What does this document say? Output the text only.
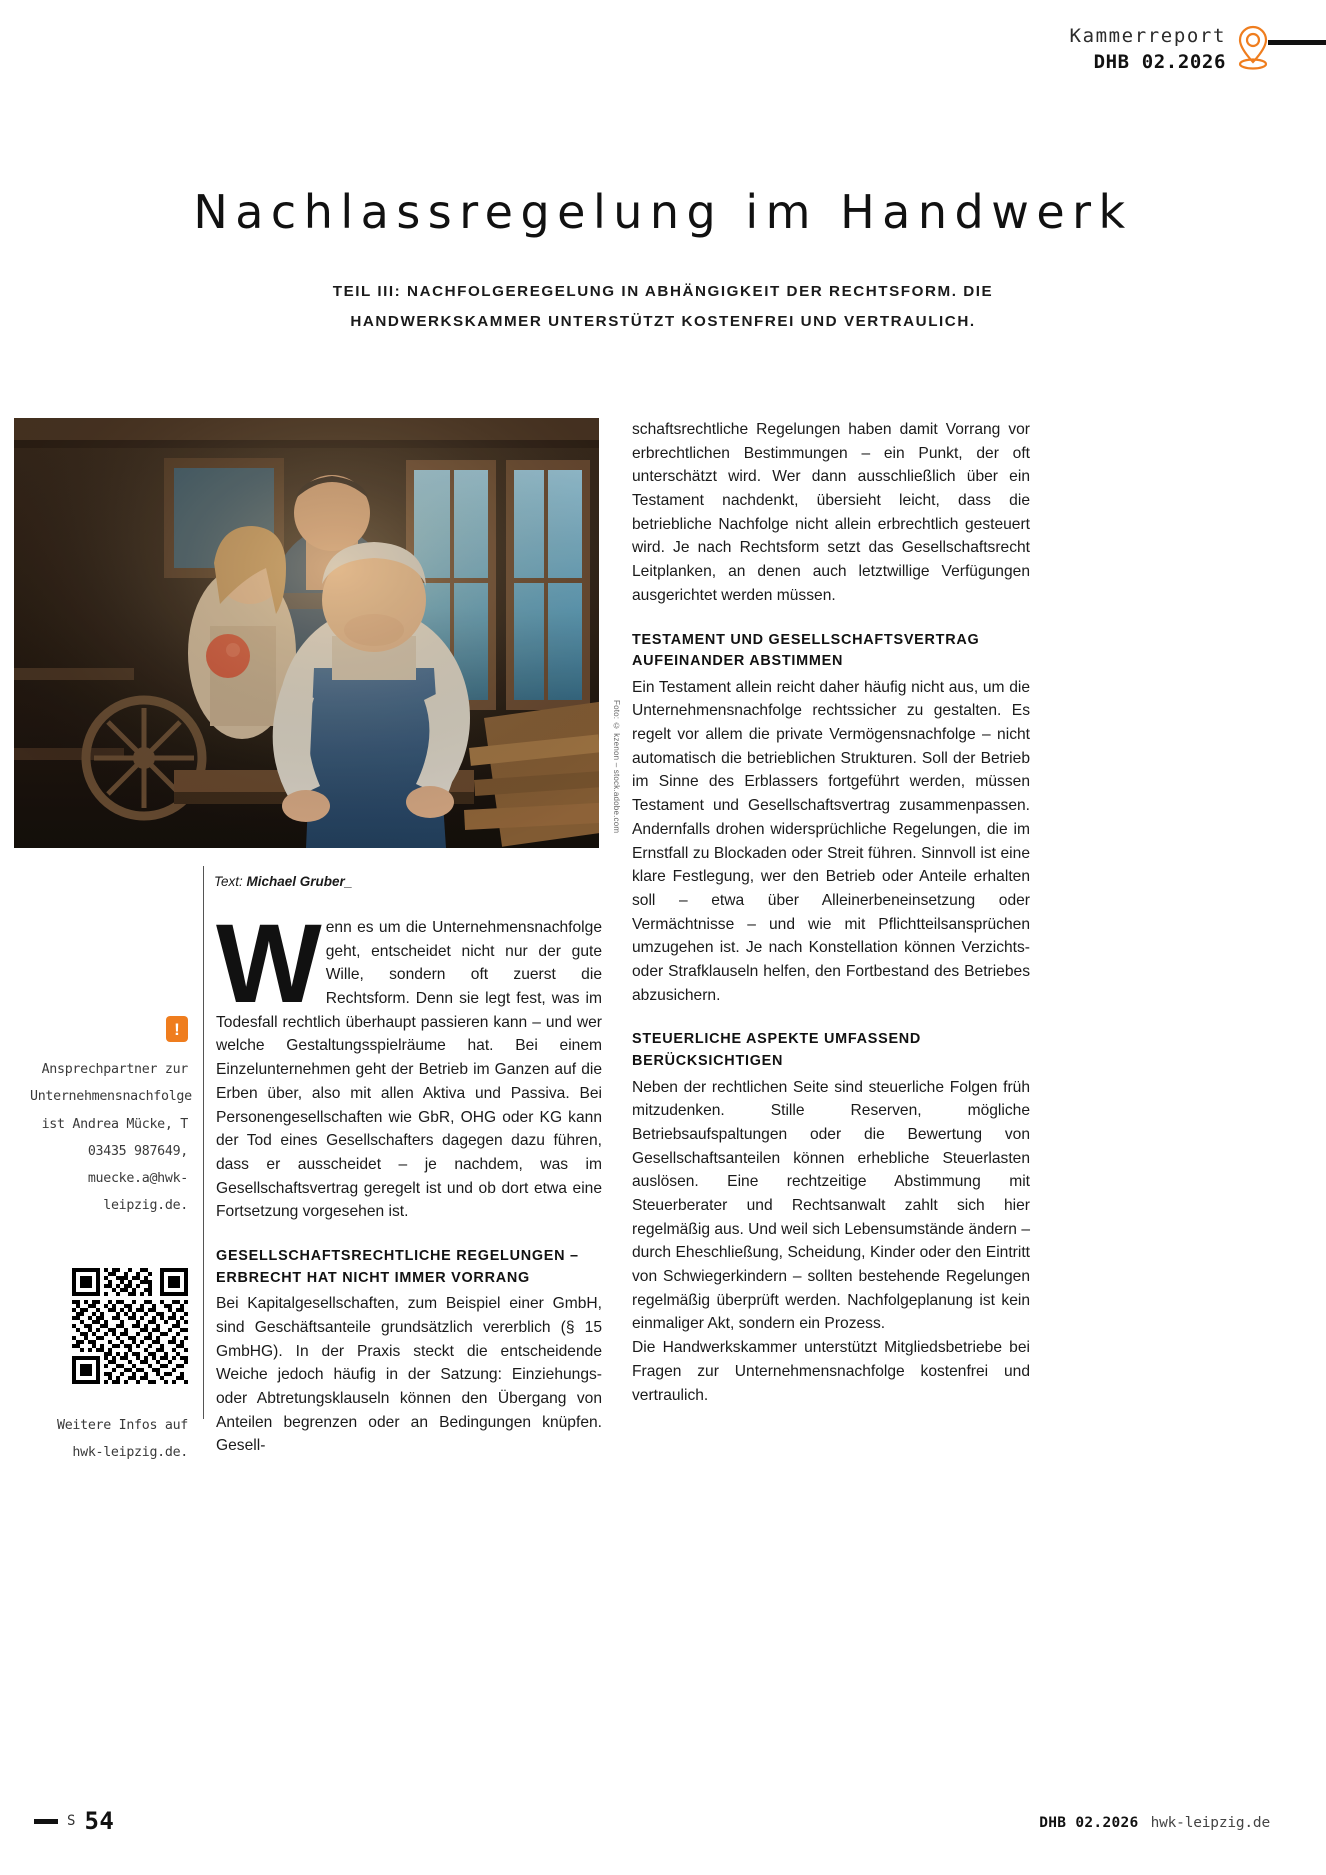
Kammerreport
DHB 02.2026
Nachlassregelung im Handwerk
TEIL III: NACHFOLGEREGELUNG IN ABHÄNGIGKEIT DER RECHTSFORM. DIE HANDWERKSKAMMER UNTERSTÜTZT KOSTENFREI UND VERTRAULICH.
Foto: © kzenon – stock.adobe.com
Text: Michael Gruber_
!
Ansprechpartner zur Unternehmensnachfolge ist Andrea Mücke, T 03435 987649, muecke.a@hwk-leipzig.de.
Weitere Infos auf hwk-leipzig.de.

Wenn es um die Unternehmensnachfolge geht, entscheidet nicht nur der gute Wille, sondern oft zuerst die Rechtsform. Denn sie legt fest, was im Todesfall rechtlich überhaupt passieren kann – und wer welche Gestaltungsspielräume hat. Bei einem Einzelunternehmen geht der Betrieb im Ganzen auf die Erben über, also mit allen Aktiva und Passiva. Bei Personengesellschaften wie GbR, OHG oder KG kann der Tod eines Gesellschafters dagegen dazu führen, dass er ausscheidet – je nachdem, was im Gesellschaftsvertrag geregelt ist und ob dort etwa eine Fortsetzung vorgesehen ist.

GESELLSCHAFTSRECHTLICHE REGELUNGEN – ERBRECHT HAT NICHT IMMER VORRANG

Bei Kapitalgesellschaften, zum Beispiel einer GmbH, sind Geschäftsanteile grundsätzlich vererblich (§ 15 GmbHG). In der Praxis steckt die entscheidende Weiche jedoch häufig in der Satzung: Einziehungs- oder Abtretungsklauseln können den Übergang von Anteilen begrenzen oder an Bedingungen knüpfen. Gesell-

schaftsrechtliche Regelungen haben damit Vorrang vor erbrechtlichen Bestimmungen – ein Punkt, der oft unterschätzt wird. Wer dann ausschließlich über ein Testament nachdenkt, übersieht leicht, dass die betriebliche Nachfolge nicht allein erbrechtlich gesteuert wird. Je nach Rechtsform setzt das Gesellschaftsrecht Leitplanken, an denen auch letztwillige Verfügungen ausgerichtet werden müssen.

TESTAMENT UND GESELLSCHAFTSVERTRAG AUFEINANDER ABSTIMMEN

Ein Testament allein reicht daher häufig nicht aus, um die Unternehmensnachfolge rechtssicher zu gestalten. Es regelt vor allem die private Vermögensnachfolge – nicht automatisch die betrieblichen Strukturen. Soll der Betrieb im Sinne des Erblassers fortgeführt werden, müssen Testament und Gesellschaftsvertrag zusammenpassen. Andernfalls drohen widersprüchliche Regelungen, die im Ernstfall zu Blockaden oder Streit führen. Sinnvoll ist eine klare Festlegung, wer den Betrieb oder Anteile erhalten soll – etwa über Alleinerbeneinsetzung oder Vermächtnisse – und wie mit Pflichtteilsansprüchen umzugehen ist. Je nach Konstellation können Verzichts- oder Strafklauseln helfen, den Fortbestand des Betriebes abzusichern.

STEUERLICHE ASPEKTE UMFASSEND BERÜCKSICHTIGEN

Neben der rechtlichen Seite sind steuerliche Folgen früh mitzudenken. Stille Reserven, mögliche Betriebsaufspaltungen oder die Bewertung von Gesellschaftsanteilen können erhebliche Steuerlasten auslösen. Eine rechtzeitige Abstimmung mit Steuerberater und Rechtsanwalt zahlt sich hier regelmäßig aus. Und weil sich Lebensumstände ändern – durch Eheschließung, Scheidung, Kinder oder den Eintritt von Schwiegerkindern – sollten bestehende Regelungen regelmäßig überprüft werden. Nachfolgeplanung ist kein einmaliger Akt, sondern ein Prozess.

Die Handwerkskammer unterstützt Mitgliedsbetriebe bei Fragen zur Unternehmensnachfolge kostenfrei und vertraulich.

S 54	DHB 02.2026 hwk-leipzig.de
